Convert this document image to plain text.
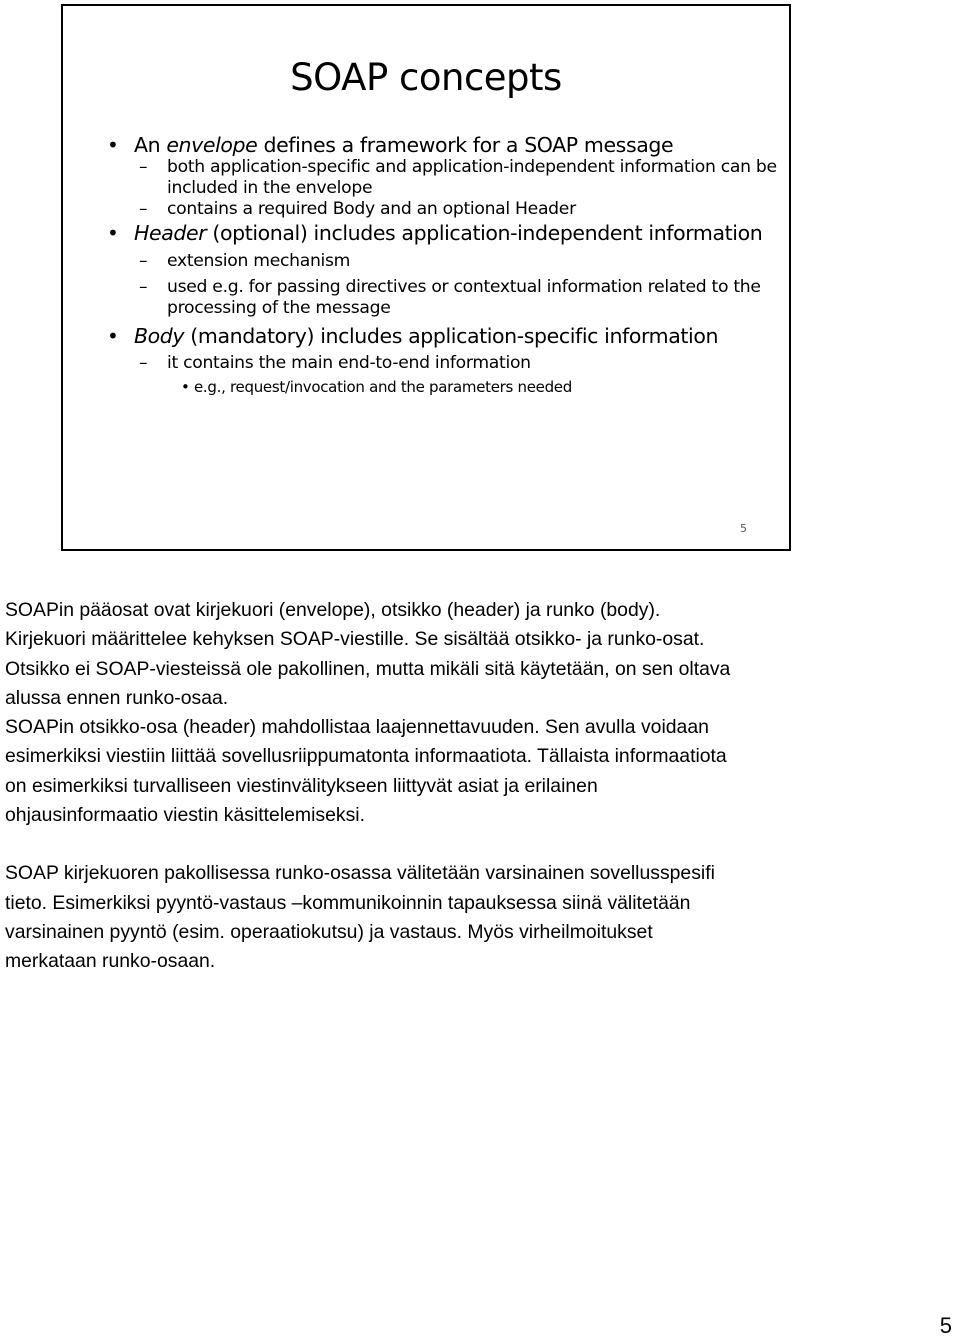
SOAP concepts
• An envelope defines a framework for a SOAP message
– both application-specific and application-independent information can be included in the envelope
– contains a required Body and an optional Header
• Header (optional) includes application-independent information
– extension mechanism
– used e.g. for passing directives or contextual information related to the processing of the message
• Body (mandatory) includes application-specific information
– it contains the main end-to-end information
• e.g., request/invocation and the parameters needed
5

SOAPin pääosat ovat kirjekuori (envelope), otsikko (header) ja runko (body).

Kirjekuori määrittelee kehyksen SOAP-viestille. Se sisältää otsikko- ja runko-osat.

Otsikko ei SOAP-viesteissä ole pakollinen, mutta mikäli sitä käytetään, on sen oltava

alussa ennen runko-osaa.

SOAPin otsikko-osa (header) mahdollistaa laajennettavuuden. Sen avulla voidaan

esimerkiksi viestiin liittää sovellusriippumatonta informaatiota. Tällaista informaatiota

on esimerkiksi turvalliseen viestinvälitykseen liittyvät asiat ja erilainen

ohjausinformaatio viestin käsittelemiseksi.

SOAP kirjekuoren pakollisessa runko-osassa välitetään varsinainen sovellusspesifi

tieto. Esimerkiksi pyyntö-vastaus –kommunikoinnin tapauksessa siinä välitetään

varsinainen pyyntö (esim. operaatiokutsu) ja vastaus. Myös virheilmoitukset

merkataan runko-osaan.

5
